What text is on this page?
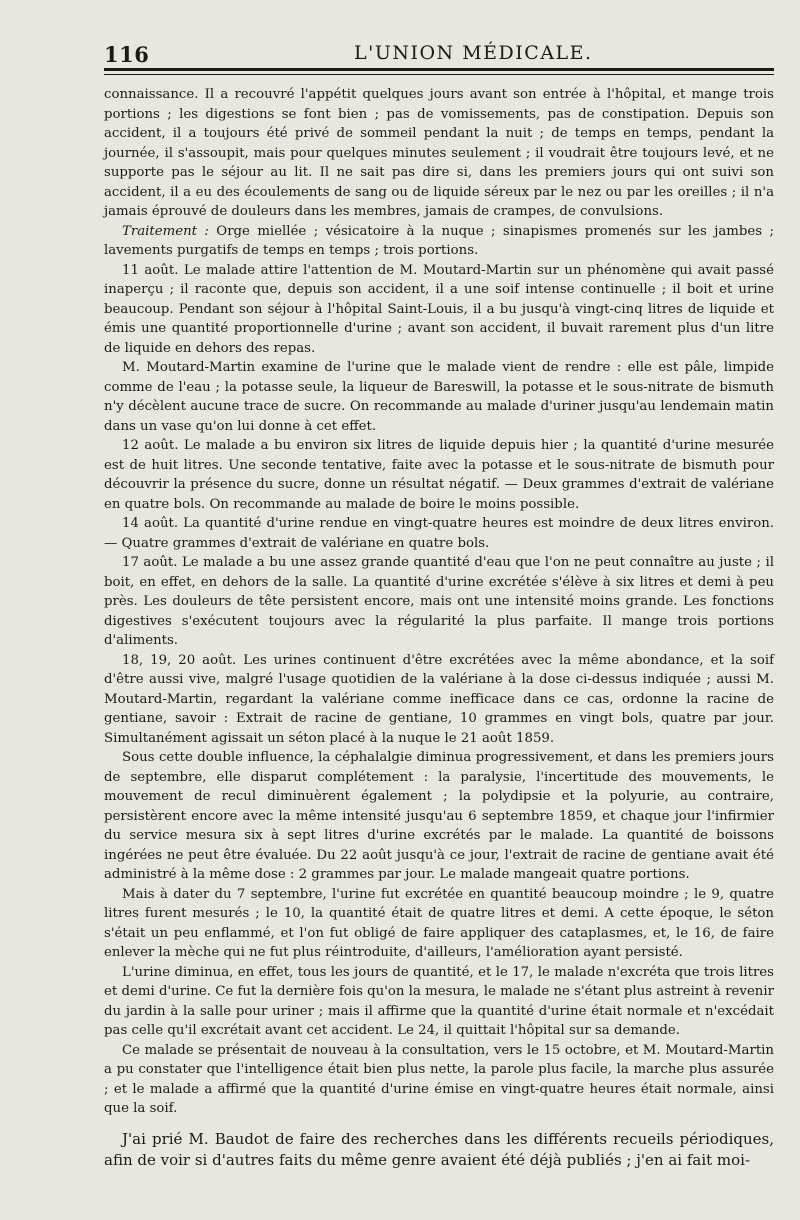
116	L'UNION MÉDICALE.

connaissance. Il a recouvré l'appétit quelques jours avant son entrée à l'hôpital, et mange trois portions ; les digestions se font bien ; pas de vomissements, pas de constipation. Depuis son accident, il a toujours été privé de sommeil pendant la nuit ; de temps en temps, pendant la journée, il s'assoupit, mais pour quelques minutes seulement ; il voudrait être toujours levé, et ne supporte pas le séjour au lit. Il ne sait pas dire si, dans les premiers jours qui ont suivi son accident, il a eu des écoulements de sang ou de liquide séreux par le nez ou par les oreilles ; il n'a jamais éprouvé de douleurs dans les membres, jamais de crampes, de convulsions.

Traitement : Orge miellée ; vésicatoire à la nuque ; sinapismes promenés sur les jambes ; lavements purgatifs de temps en temps ; trois portions.

11 août. Le malade attire l'attention de M. Moutard-Martin sur un phénomène qui avait passé inaperçu ; il raconte que, depuis son accident, il a une soif intense continuelle ; il boit et urine beaucoup. Pendant son séjour à l'hôpital Saint-Louis, il a bu jusqu'à vingt-cinq litres de liquide et émis une quantité proportionnelle d'urine ; avant son accident, il buvait rarement plus d'un litre de liquide en dehors des repas.

M. Moutard-Martin examine de l'urine que le malade vient de rendre : elle est pâle, limpide comme de l'eau ; la potasse seule, la liqueur de Bareswill, la potasse et le sous-nitrate de bismuth n'y décèlent aucune trace de sucre. On recommande au malade d'uriner jusqu'au lendemain matin dans un vase qu'on lui donne à cet effet.

12 août. Le malade a bu environ six litres de liquide depuis hier ; la quantité d'urine mesurée est de huit litres. Une seconde tentative, faite avec la potasse et le sous-nitrate de bismuth pour découvrir la présence du sucre, donne un résultat négatif. — Deux grammes d'extrait de valériane en quatre bols. On recommande au malade de boire le moins possible.

14 août. La quantité d'urine rendue en vingt-quatre heures est moindre de deux litres environ. — Quatre grammes d'extrait de valériane en quatre bols.

17 août. Le malade a bu une assez grande quantité d'eau que l'on ne peut connaître au juste ; il boit, en effet, en dehors de la salle. La quantité d'urine excrétée s'élève à six litres et demi à peu près. Les douleurs de tête persistent encore, mais ont une intensité moins grande. Les fonctions digestives s'exécutent toujours avec la régularité la plus parfaite. Il mange trois portions d'aliments.

18, 19, 20 août. Les urines continuent d'être excrétées avec la même abondance, et la soif d'être aussi vive, malgré l'usage quotidien de la valériane à la dose ci-dessus indiquée ; aussi M. Moutard-Martin, regardant la valériane comme inefficace dans ce cas, ordonne la racine de gentiane, savoir : Extrait de racine de gentiane, 10 grammes en vingt bols, quatre par jour. Simultanément agissait un séton placé à la nuque le 21 août 1859.

Sous cette double influence, la céphalalgie diminua progressivement, et dans les premiers jours de septembre, elle disparut complétement : la paralysie, l'incertitude des mouvements, le mouvement de recul diminuèrent également ; la polydipsie et la polyurie, au contraire, persistèrent encore avec la même intensité jusqu'au 6 septembre 1859, et chaque jour l'infirmier du service mesura six à sept litres d'urine excrétés par le malade. La quantité de boissons ingérées ne peut être évaluée. Du 22 août jusqu'à ce jour, l'extrait de racine de gentiane avait été administré à la même dose : 2 grammes par jour. Le malade mangeait quatre portions.

Mais à dater du 7 septembre, l'urine fut excrétée en quantité beaucoup moindre ; le 9, quatre litres furent mesurés ; le 10, la quantité était de quatre litres et demi. A cette époque, le séton s'était un peu enflammé, et l'on fut obligé de faire appliquer des cataplasmes, et, le 16, de faire enlever la mèche qui ne fut plus réintroduite, d'ailleurs, l'amélioration ayant persisté.

L'urine diminua, en effet, tous les jours de quantité, et le 17, le malade n'excréta que trois litres et demi d'urine. Ce fut la dernière fois qu'on la mesura, le malade ne s'étant plus astreint à revenir du jardin à la salle pour uriner ; mais il affirme que la quantité d'urine était normale et n'excédait pas celle qu'il excrétait avant cet accident. Le 24, il quittait l'hôpital sur sa demande.

Ce malade se présentait de nouveau à la consultation, vers le 15 octobre, et M. Moutard-Martin a pu constater que l'intelligence était bien plus nette, la parole plus facile, la marche plus assurée ; et le malade a affirmé que la quantité d'urine émise en vingt-quatre heures était normale, ainsi que la soif.

J'ai prié M. Baudot de faire des recherches dans les différents recueils périodiques, afin de voir si d'autres faits du même genre avaient été déjà publiés ; j'en ai fait moi-
